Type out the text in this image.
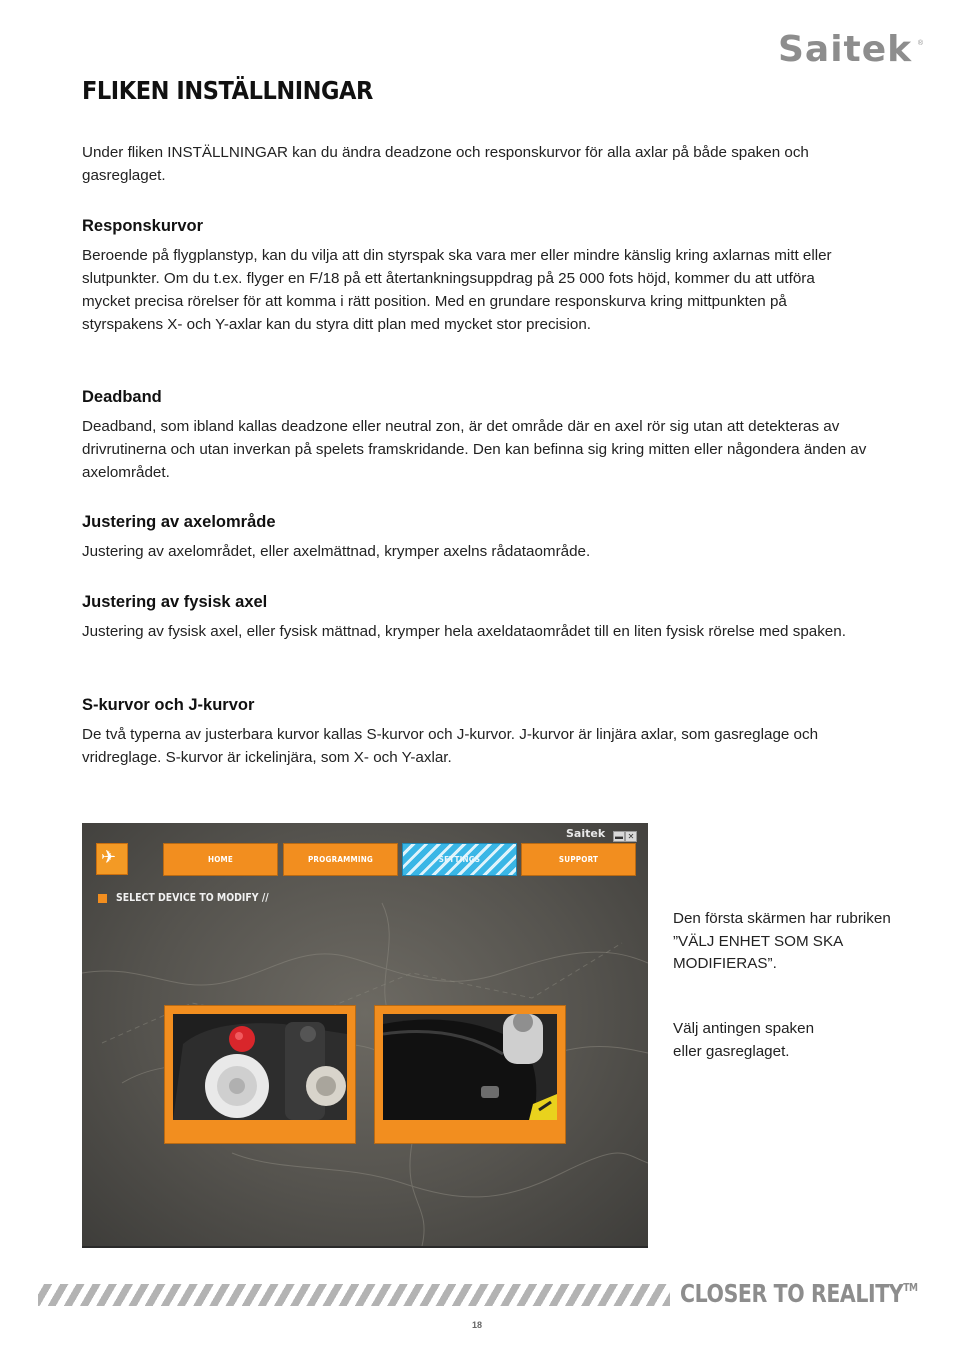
Saitek ®
FLIKEN INSTÄLLNINGAR

Under fliken INSTÄLLNINGAR kan du ändra deadzone och responskurvor för alla axlar på både spaken och gasreglaget.

Responskurvor

Beroende på flygplanstyp, kan du vilja att din styrspak ska vara mer eller mindre känslig kring axlarnas mitt eller slutpunkter. Om du t.ex. flyger en F/18 på ett återtankningsuppdrag på 25 000 fots höjd, kommer du att utföra mycket precisa rörelser för att komma i rätt position. Med en grundare responskurva kring mittpunkten på styrspakens X- och Y-axlar kan du styra ditt plan med mycket stor precision.

Deadband

Deadband, som ibland kallas deadzone eller neutral zon, är det område där en axel rör sig utan att detekteras av drivrutinerna och utan inverkan på spelets framskridande. Den kan befinna sig kring mitten eller någondera änden av axelområdet.

Justering av axelområde

Justering av axelområdet, eller axelmättnad, krymper axelns rådataområde.

Justering av fysisk axel

Justering av fysisk axel, eller fysisk mättnad, krymper hela axeldataområdet till en liten fysisk rörelse med spaken.

S-kurvor och J-kurvor

De två typerna av justerbara kurvor kallas S-kurvor och J-kurvor. J-kurvor är linjära axlar, som gasreglage och vridreglage. S-kurvor är ickelinjära, som X- och Y-axlar.

Saitek ▬ ✕
✈	HOME	PROGRAMMING	SETTINGS	SUPPORT
SELECT DEVICE TO MODIFY //

Den första skärmen har rubriken ”VÄLJ ENHET SOM SKA MODIFIERAS”.

Välj antingen spaken eller gasreglaget.

CLOSER TO REALITY™
18
